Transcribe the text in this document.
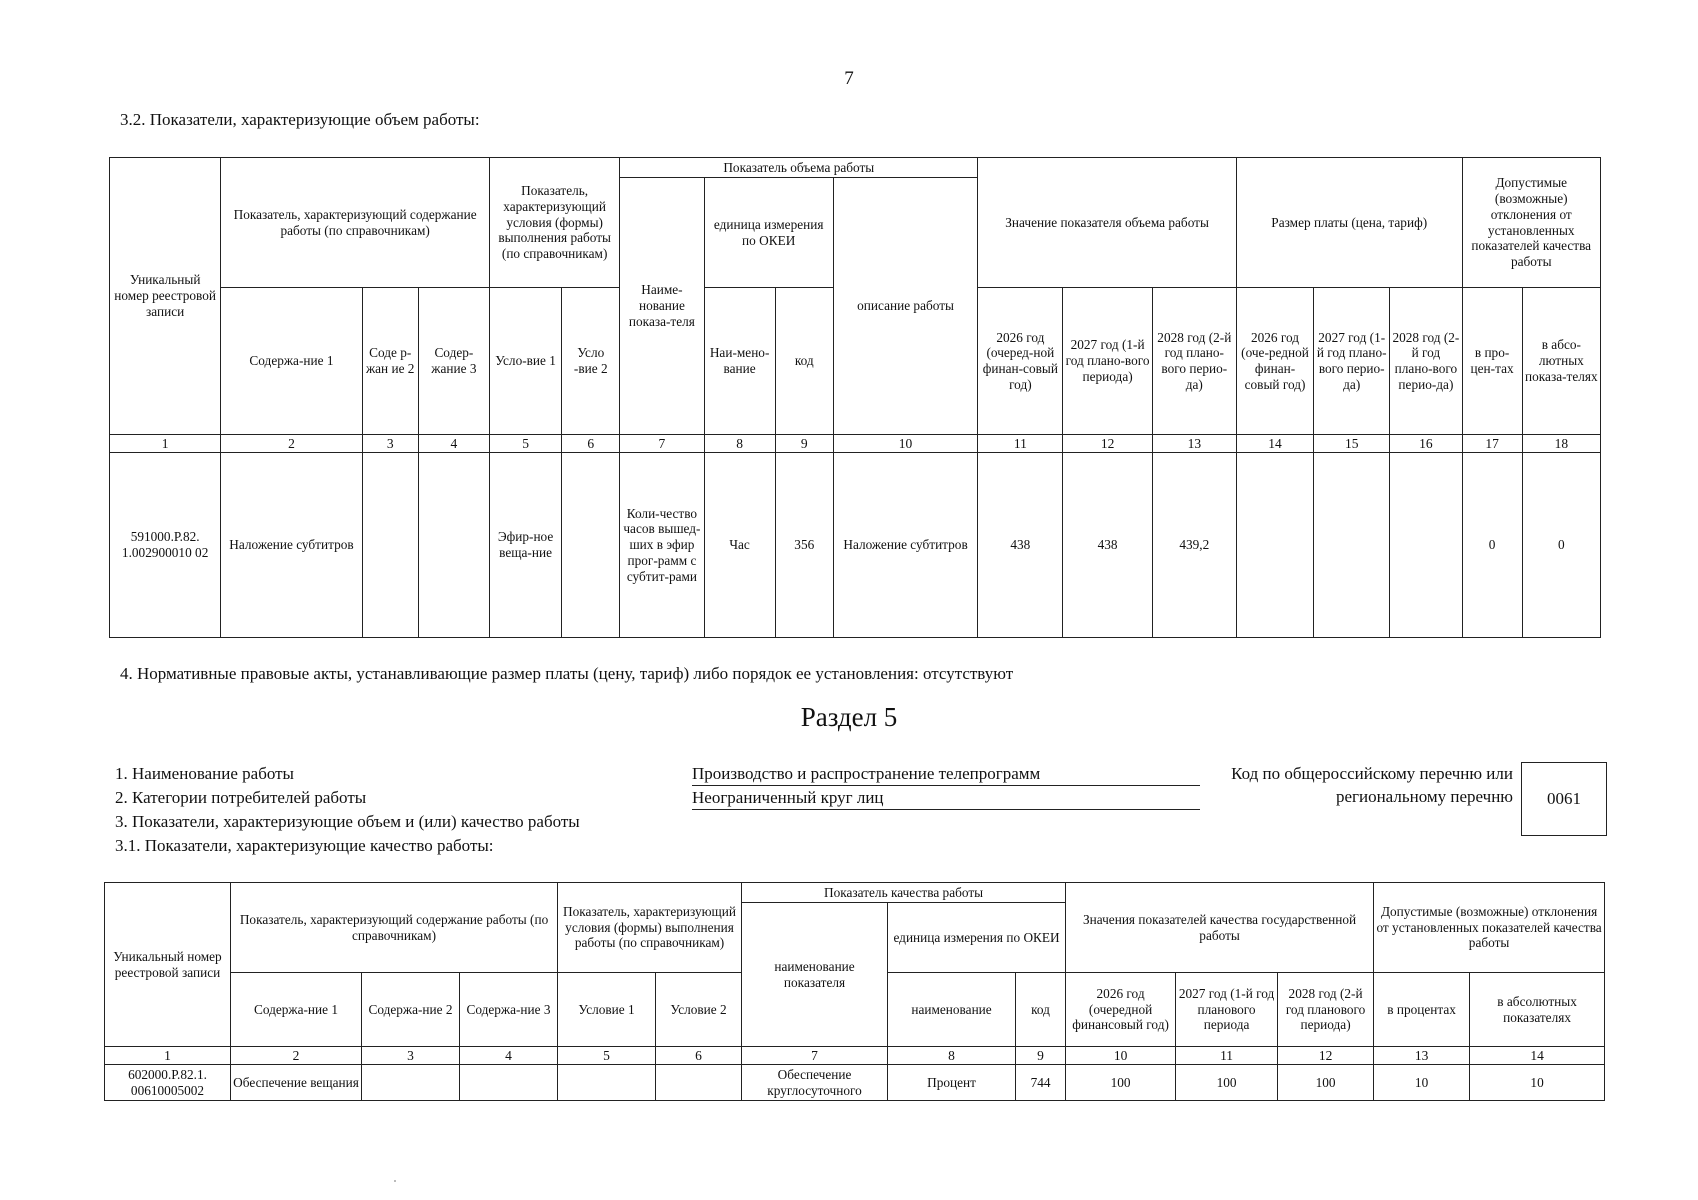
7
3.2. Показатели, характеризующие объем работы:
Уникальный номер реестровой записи	Показатель, характеризующий содержание работы (по справочникам)			Показатель, характеризующий условия (формы) выполнения работы (по справочникам)		Показатель объема работы				Значение показателя объема работы			Размер платы (цена, тариф)			Допустимые (возможные) отклонения от установленных показателей качества работы	
						Наиме-нование показа-теля	единица измерения по ОКЕИ		описание работы								
	Содержа-ние 1	Соде р-жан ие 2	Содер-жание 3	Усло-вие 1	Усло -вие 2		Наи-мено-вание	код		2026 год (очеред-ной финан-совый год)	2027 год (1-й год плано-вого периода)	2028 год (2-й год плано-вого перио-да)	2026 год (оче-редной финан-совый год)	2027 год (1-й год плано-вого перио-да)	2028 год (2-й год плано-вого перио-да)	в про-цен-тах	в абсо-лютных показа-телях
1	2	3	4	5	6	7	8	9	10	11	12	13	14	15	16	17	18
591000.Р.82. 1.002900010 02	Наложение субтитров			Эфир-ное веща-ние		Коли-чество часов вышед-ших в эфир прог-рамм с субтит-рами	Час	356	Наложение субтитров	438	438	439,2				0	0
4. Нормативные правовые акты, устанавливающие размер платы (цену, тариф) либо порядок ее установления: отсутствуют
Раздел 5
1. Наименование работы	Производство и распространение телепрограмм
2. Категории потребителей работы	Неограниченный круг лиц
3. Показатели, характеризующие объем и (или) качество работы
3.1. Показатели, характеризующие качество работы:
Код по общероссийскому перечню или региональному перечню	0061
Уникальный номер реестровой записи	Показатель, характеризующий содержание работы (по справочникам)			Показатель, характеризующий условия (формы) выполнения работы (по справочникам)		Показатель качества работы			Значения показателей качества государственной работы			Допустимые (возможные) отклонения от установленных показателей качества работы	
						наименование показателя	единица измерения по ОКЕИ						
	Содержа-ние 1	Содержа-ние 2	Содержа-ние 3	Условие 1	Условие 2		наименование	код	2026 год (очередной финансовый год)	2027 год (1-й год планового периода	2028 год (2-й год планового периода)	в процентах	в абсолютных показателях
1	2	3	4	5	6	7	8	9	10	11	12	13	14
602000.Р.82.1. 00610005002	Обеспечение вещания					Обеспечение круглосуточного	Процент	744	100	100	100	10	10
